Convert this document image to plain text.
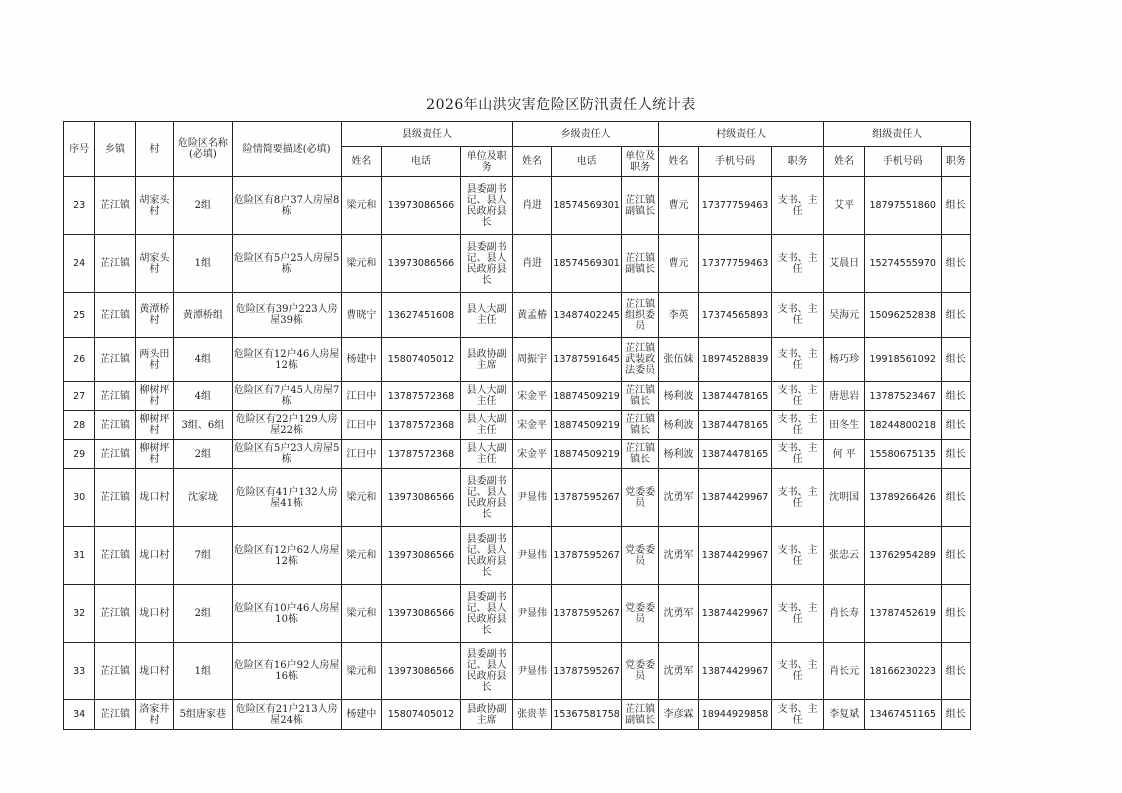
2026年山洪灾害危险区防汛责任人统计表
序号	乡镇	村	危险区名称(必填)	险情简要描述(必填)	县级责任人			乡级责任人			村级责任人			组级责任人		
					姓名	电话	单位及职务	姓名	电话	单位及职务	姓名	手机号码	职务	姓名	手机号码	职务
23	芷江镇	胡家头村	2组	危险区有8户37人房屋8栋	梁元和	13973086566	县委副书记、县人民政府县长	肖进	18574569301	芷江镇副镇长	曹元	17377759463	支书、主任	艾平	18797551860	组长
24	芷江镇	胡家头村	1组	危险区有5户25人房屋5栋	梁元和	13973086566	县委副书记、县人民政府县长	肖进	18574569301	芷江镇副镇长	曹元	17377759463	支书、主任	艾晨日	15274555970	组长
25	芷江镇	黄潭桥村	黄潭桥组	危险区有39户223人房屋39栋	曹晓宁	13627451608	县人大副主任	黄孟椿	13487402245	芷江镇组织委员	李英	17374565893	支书、主任	吴海元	15096252838	组长
26	芷江镇	两头田村	4组	危险区有12户46人房屋12栋	杨建中	15807405012	县政协副主席	周振宇	13787591645	芷江镇武装政法委员	张伍妹	18974528839	支书、主任	杨巧珍	19918561092	组长
27	芷江镇	柳树坪村	4组	危险区有7户45人房屋7栋	江日中	13787572368	县人大副主任	宋金平	18874509219	芷江镇镇长	杨利波	13874478165	支书、主任	唐思岩	13787523467	组长
28	芷江镇	柳树坪村	3组、6组	危险区有22户129人房屋22栋	江日中	13787572368	县人大副主任	宋金平	18874509219	芷江镇镇长	杨利波	13874478165	支书、主任	田冬生	18244800218	组长
29	芷江镇	柳树坪村	2组	危险区有5户23人房屋5栋	江日中	13787572368	县人大副主任	宋金平	18874509219	芷江镇镇长	杨利波	13874478165	支书、主任	何 平	15580675135	组长
30	芷江镇	垅口村	沈家垅	危险区有41户132人房屋41栋	梁元和	13973086566	县委副书记、县人民政府县长	尹显伟	13787595267	党委委员	沈勇军	13874429967	支书、主任	沈明国	13789266426	组长
31	芷江镇	垅口村	7组	危险区有12户62人房屋12栋	梁元和	13973086566	县委副书记、县人民政府县长	尹显伟	13787595267	党委委员	沈勇军	13874429967	支书、主任	张忠云	13762954289	组长
32	芷江镇	垅口村	2组	危险区有10户46人房屋10栋	梁元和	13973086566	县委副书记、县人民政府县长	尹显伟	13787595267	党委委员	沈勇军	13874429967	支书、主任	肖长寿	13787452619	组长
33	芷江镇	垅口村	1组	危险区有16户92人房屋16栋	梁元和	13973086566	县委副书记、县人民政府县长	尹显伟	13787595267	党委委员	沈勇军	13874429967	支书、主任	肖长元	18166230223	组长
34	芷江镇	洛家井村	5组唐家巷	危险区有21户213人房屋24栋	杨建中	15807405012	县政协副主席	张贵莘	15367581758	芷江镇副镇长	李彦霖	18944929858	支书、主任	李复斌	13467451165	组长
